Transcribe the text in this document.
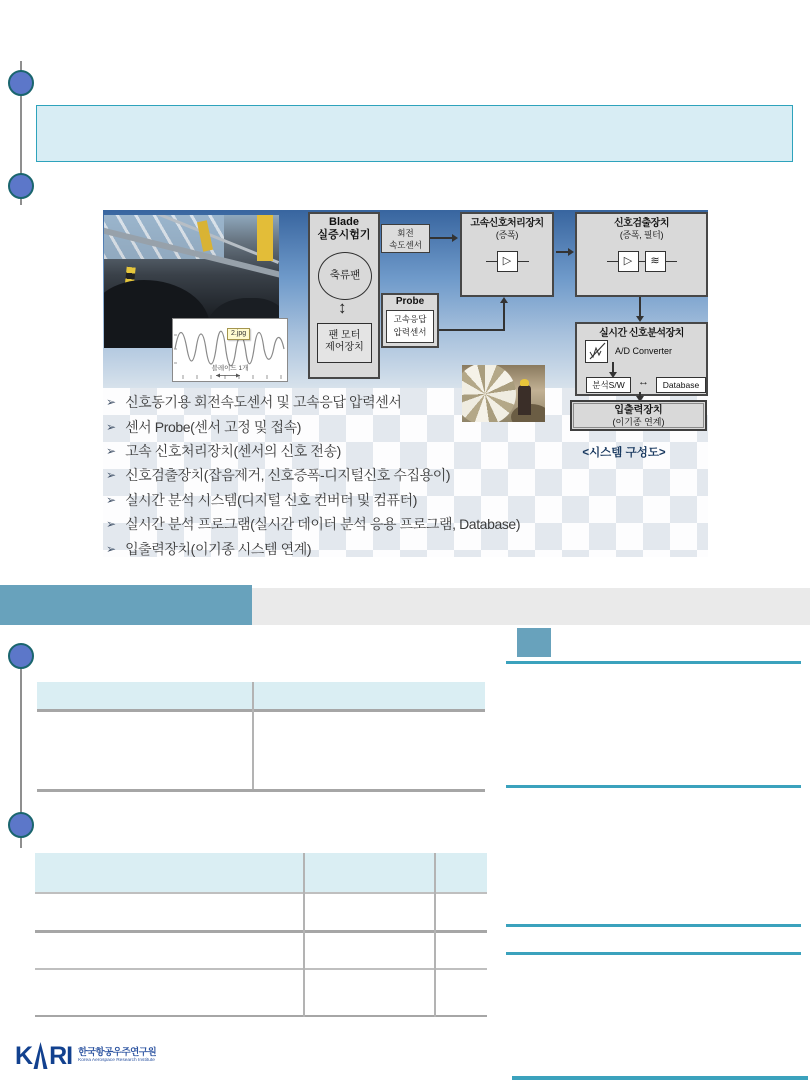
2.jpg
블레이드 1개
Blade
실증시험기
축류팬
↕
팬 모터
제어장치
회전
속도센서
Probe
고속응답
압력센서
고속신호처리장치
(증폭)
▷
신호검출장치
(증폭, 필터)
▷	≋
실시간 신호분석장치
A/D Converter
분석S/W	↔	Database
입출력장치
(이기종 연계)
<시스템 구성도>
➢ 신호동기용 회전속도센서 및 고속응답 압력센서
➢ 센서 Probe(센서 고정 및 접속)
➢ 고속 신호처리장치(센서의 신호 전송)
➢ 신호검출장치(잡음제거, 신호증폭-디지털신호 수집용이)
➢ 실시간 분석 시스템(디지털 신호 컨버터 및 컴퓨터)
➢ 실시간 분석 프로그램(실시간 데이터 분석 응용 프로그램, Database)
➢ 입출력장치(이기종 시스템 연계)
K RI 한국항공우주연구원
Korea Aerospace Research Institute
